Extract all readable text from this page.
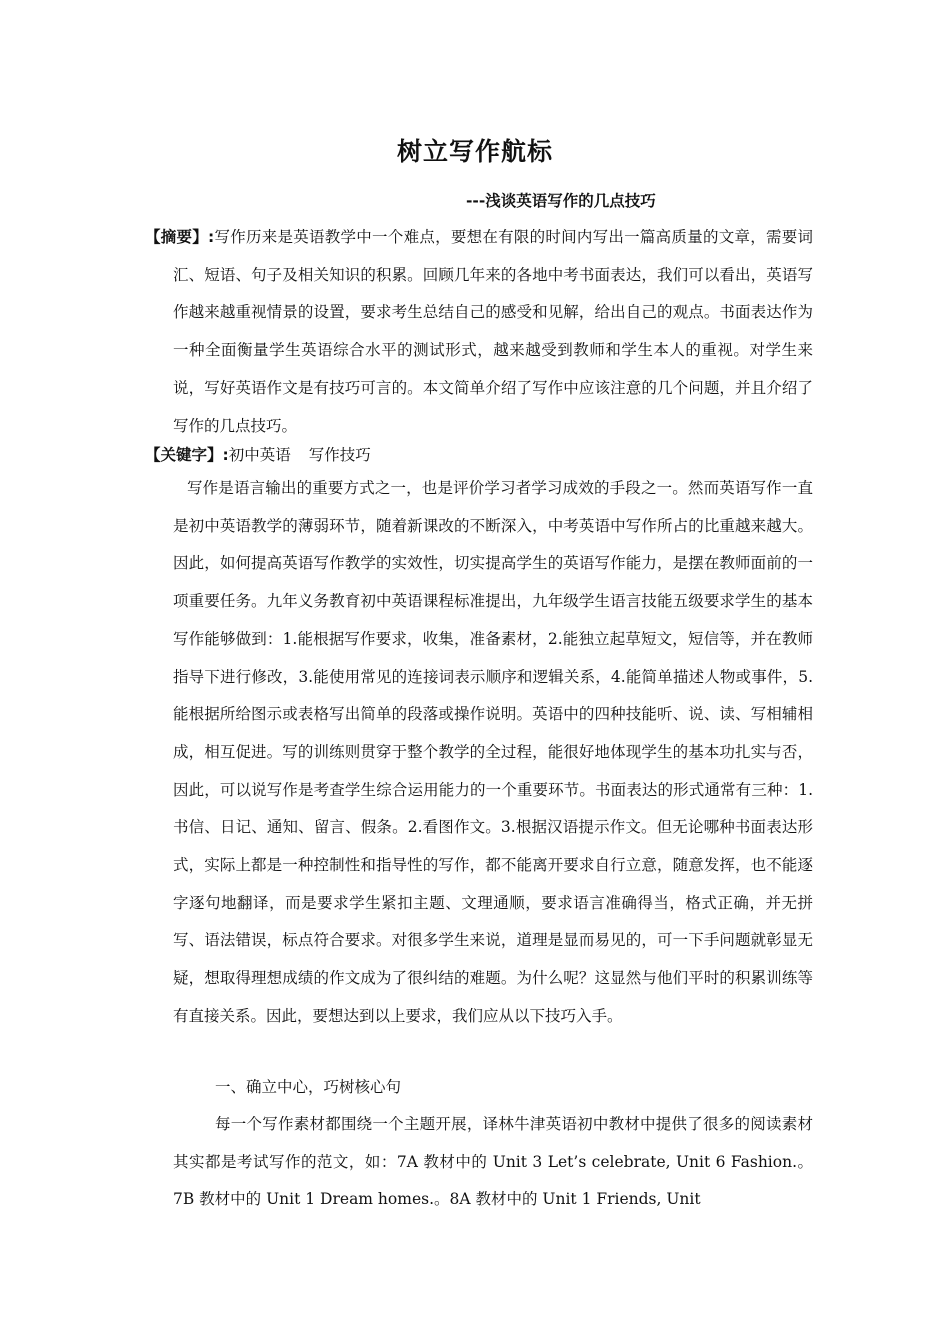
树立写作航标
---浅谈英语写作的几点技巧
【摘要】:写作历来是英语教学中一个难点，要想在有限的时间内写出一篇高质量的文章，需要词汇、短语、句子及相关知识的积累。回顾几年来的各地中考书面表达，我们可以看出，英语写作越来越重视情景的设置，要求考生总结自己的感受和见解，给出自己的观点。书面表达作为一种全面衡量学生英语综合水平的测试形式，越来越受到教师和学生本人的重视。对学生来说，写好英语作文是有技巧可言的。本文简单介绍了写作中应该注意的几个问题，并且介绍了写作的几点技巧。
【关键字】:初中英语 写作技巧
写作是语言输出的重要方式之一，也是评价学习者学习成效的手段之一。然而英语写作一直是初中英语教学的薄弱环节，随着新课改的不断深入，中考英语中写作所占的比重越来越大。因此，如何提高英语写作教学的实效性，切实提高学生的英语写作能力，是摆在教师面前的一项重要任务。九年义务教育初中英语课程标准提出，九年级学生语言技能五级要求学生的基本写作能够做到：1.能根据写作要求，收集，准备素材，2.能独立起草短文，短信等，并在教师指导下进行修改，3.能使用常见的连接词表示顺序和逻辑关系，4.能简单描述人物或事件，5.能根据所给图示或表格写出简单的段落或操作说明。英语中的四种技能听、说、读、写相辅相成，相互促进。写的训练则贯穿于整个教学的全过程，能很好地体现学生的基本功扎实与否，因此，可以说写作是考查学生综合运用能力的一个重要环节。书面表达的形式通常有三种：1.书信、日记、通知、留言、假条。2.看图作文。3.根据汉语提示作文。但无论哪种书面表达形式，实际上都是一种控制性和指导性的写作，都不能离开要求自行立意，随意发挥，也不能逐字逐句地翻译，而是要求学生紧扣主题、文理通顺，要求语言准确得当，格式正确，并无拼写、语法错误，标点符合要求。对很多学生来说，道理是显而易见的，可一下手问题就彰显无疑，想取得理想成绩的作文成为了很纠结的难题。为什么呢？这显然与他们平时的积累训练等有直接关系。因此，要想达到以上要求，我们应从以下技巧入手。
一、确立中心，巧树核心句
每一个写作素材都围绕一个主题开展，译林牛津英语初中教材中提供了很多的阅读素材其实都是考试写作的范文，如：7A 教材中的 Unit 3 Let’s celebrate, Unit 6 Fashion.。7B 教材中的 Unit 1 Dream homes.。8A 教材中的 Unit 1 Friends, Unit
